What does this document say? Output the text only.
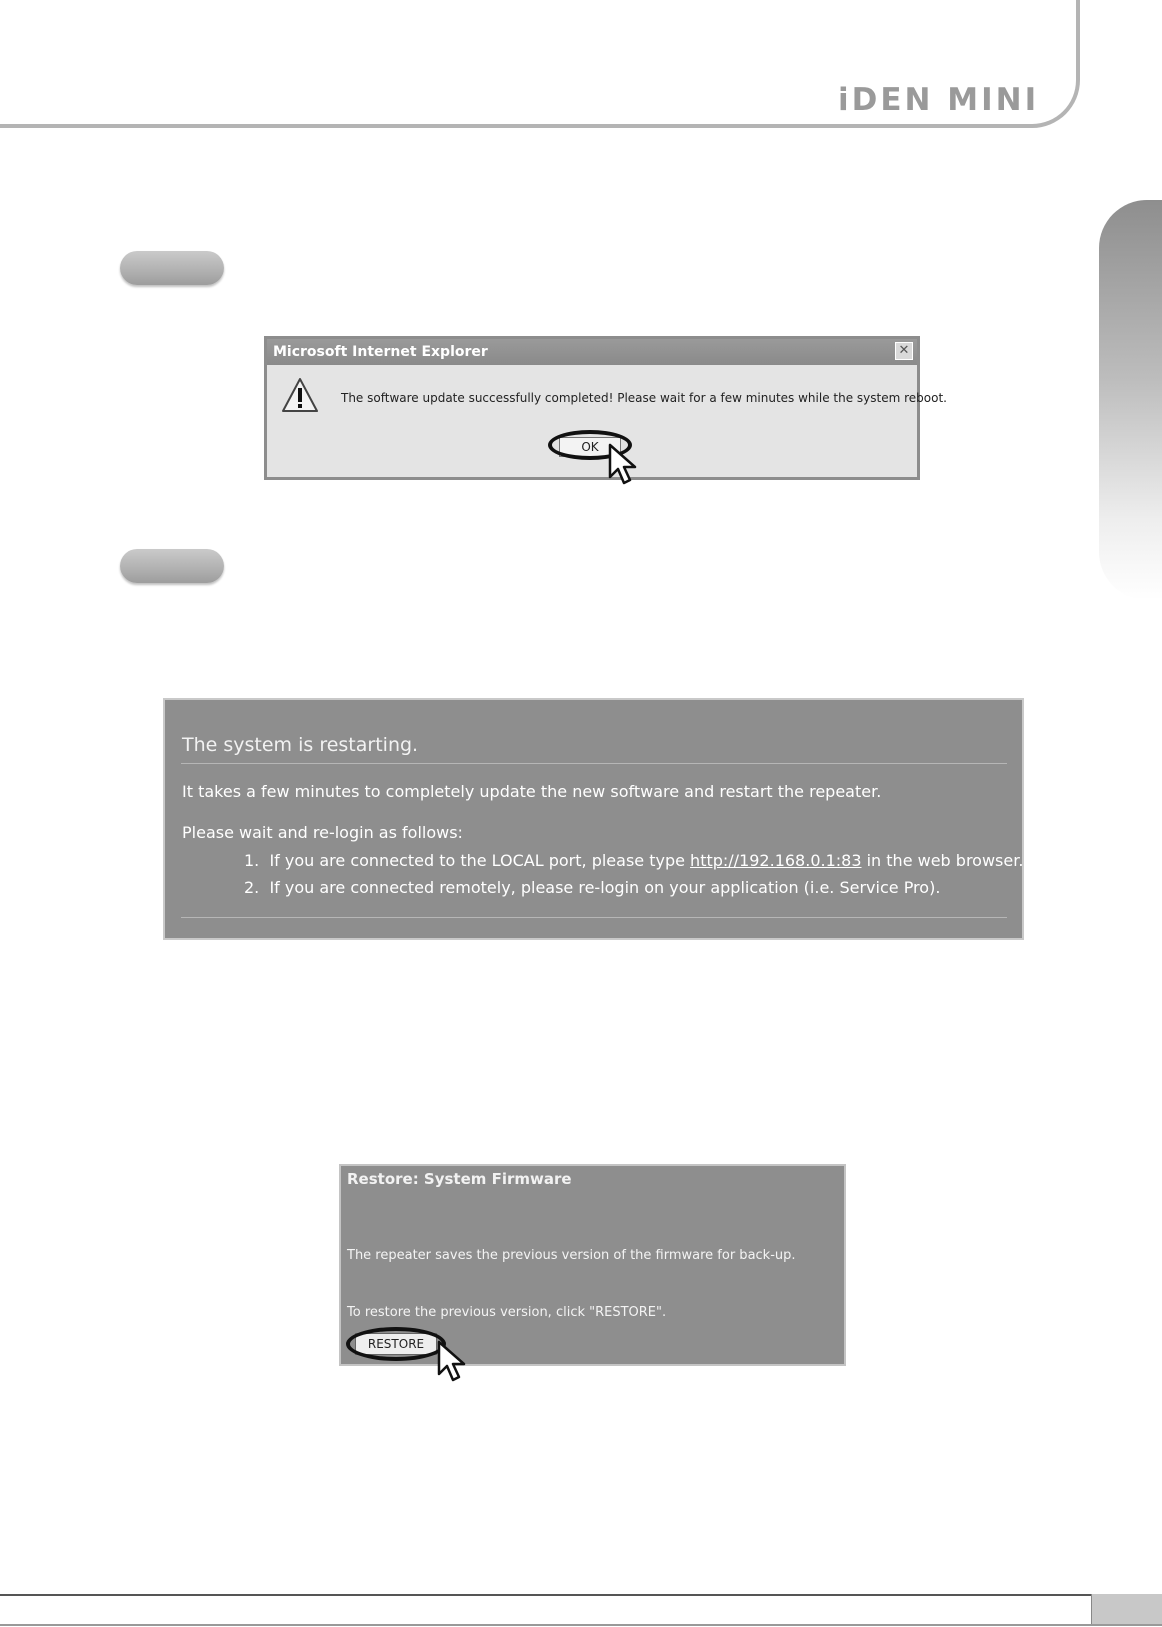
iDEN MINI
Microsoft Internet Explorer	✕
The software update successfully completed! Please wait for a few minutes while the system reboot.
OK
The system is restarting.
It takes a few minutes to completely update the new software and restart the repeater.
Please wait and re-login as follows:
1. If you are connected to the LOCAL port, please type http://192.168.0.1:83 in the web browser.
2. If you are connected remotely, please re-login on your application (i.e. Service Pro).
Restore: System Firmware
The repeater saves the previous version of the firmware for back-up.
To restore the previous version, click "RESTORE".
RESTORE
